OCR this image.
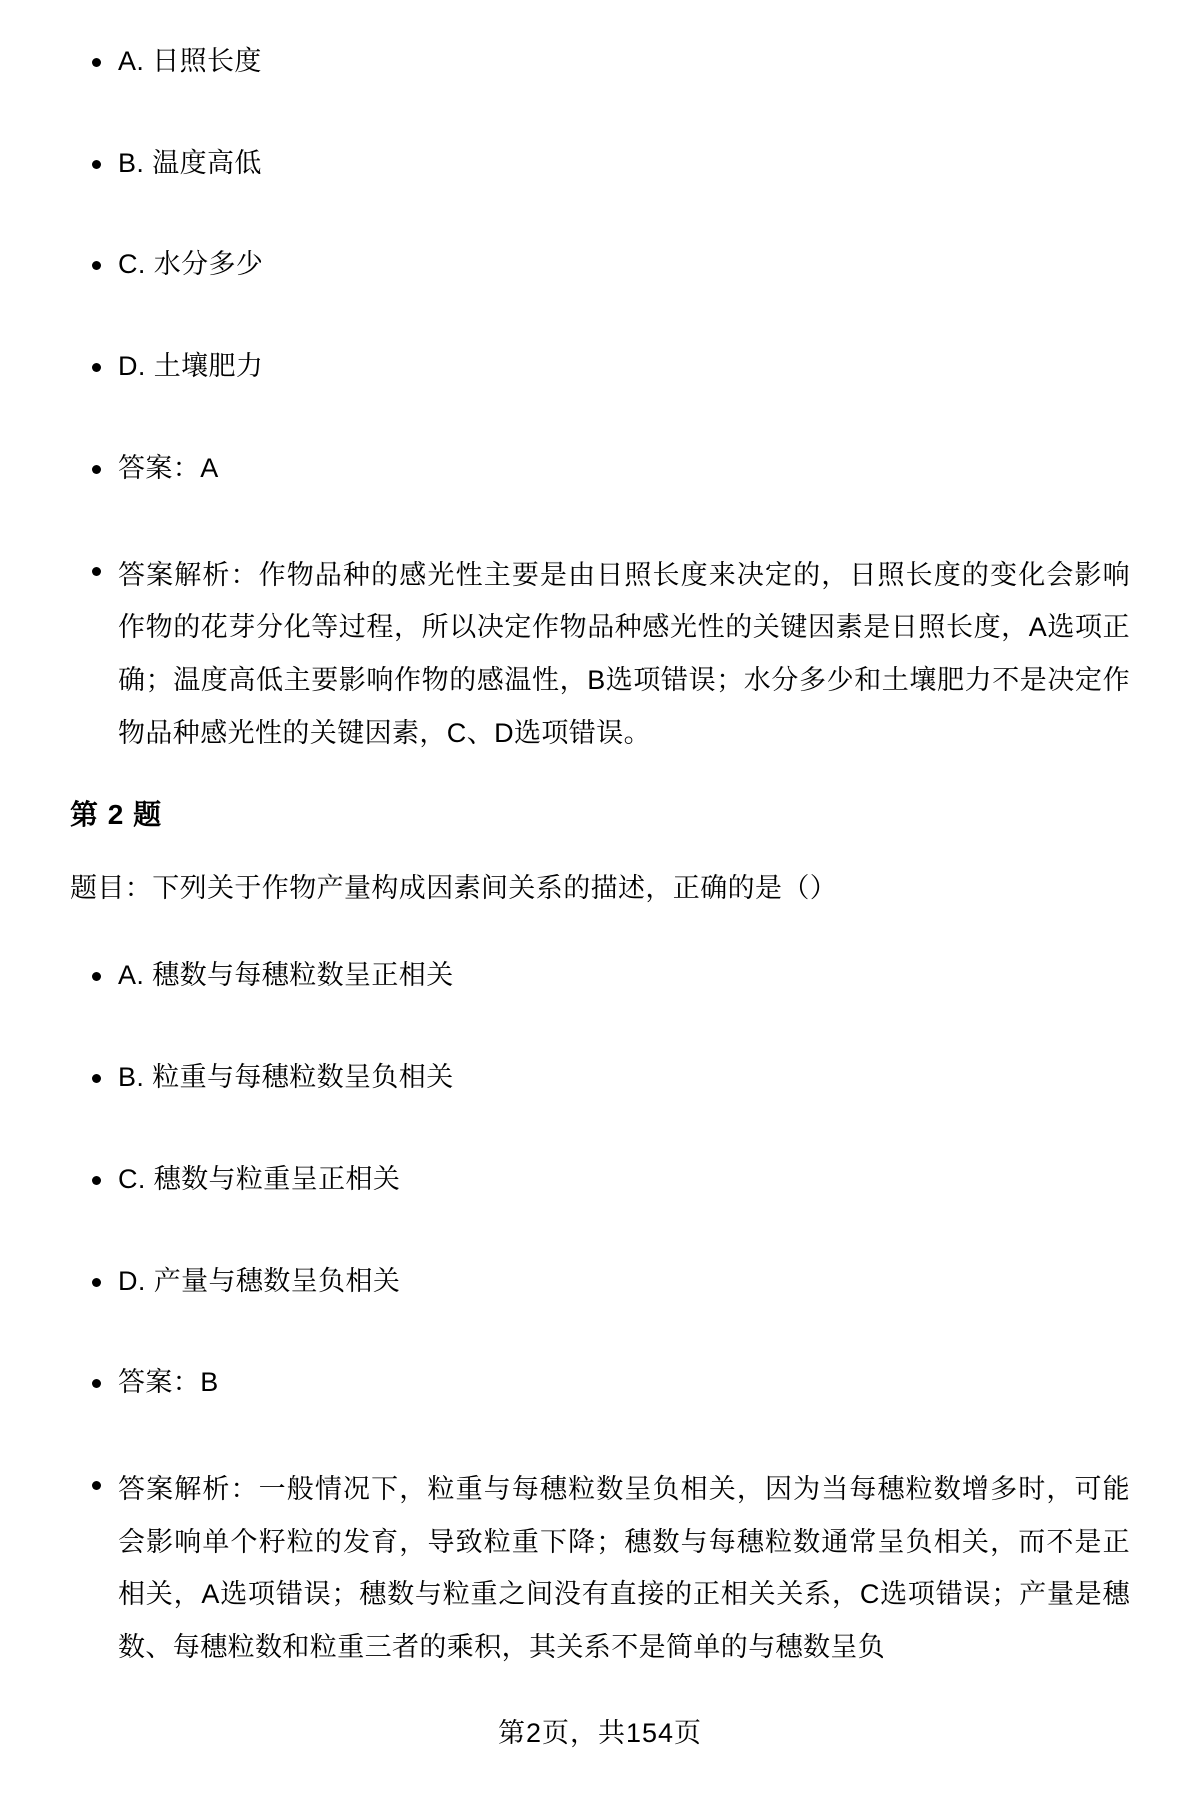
A. 日照长度
B. 温度高低
C. 水分多少
D. 土壤肥力
答案：A
答案解析：作物品种的感光性主要是由日照长度来决定的，日照长度的变化会影响作物的花芽分化等过程，所以决定作物品种感光性的关键因素是日照长度，A选项正确；温度高低主要影响作物的感温性，B选项错误；水分多少和土壤肥力不是决定作物品种感光性的关键因素，C、D选项错误。
第 2 题
题目：下列关于作物产量构成因素间关系的描述，正确的是（）
A. 穗数与每穗粒数呈正相关
B. 粒重与每穗粒数呈负相关
C. 穗数与粒重呈正相关
D. 产量与穗数呈负相关
答案：B
答案解析：一般情况下，粒重与每穗粒数呈负相关，因为当每穗粒数增多时，可能会影响单个籽粒的发育，导致粒重下降；穗数与每穗粒数通常呈负相关，而不是正相关，A选项错误；穗数与粒重之间没有直接的正相关关系，C选项错误；产量是穗数、每穗粒数和粒重三者的乘积，其关系不是简单的与穗数呈负
第2页，共154页
